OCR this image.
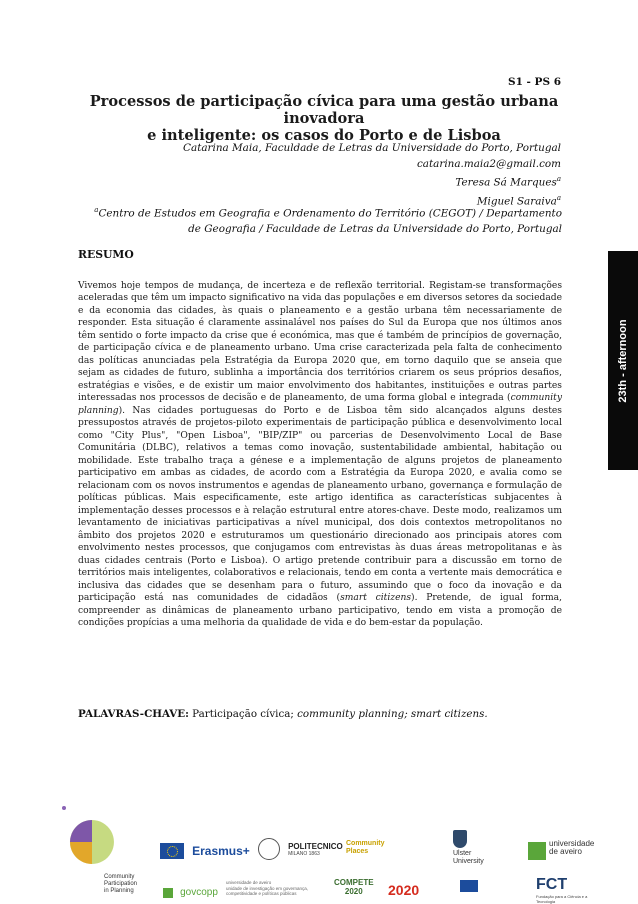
S1 - PS 6
Processos de participação cívica para uma gestão urbana inovadora
e inteligente: os casos do Porto e de Lisboa
Catarina Maia, Faculdade de Letras da Universidade do Porto, Portugal
catarina.maia2@gmail.com
Teresa Sá Marques$^a$
Miguel Saraiva$^a$
$^a$Centro de Estudos em Geografia e Ordenamento do Território (CEGOT) / Departamento
de Geografia / Faculdade de Letras da Universidade do Porto, Portugal
RESUMO
Vivemos hoje tempos de mudança, de incerteza e de reflexão territorial. Registam-se transformações aceleradas que têm um impacto significativo na vida das populações e em diversos setores da sociedade e da economia das cidades, às quais o planeamento e a gestão urbana têm necessariamente de responder. Esta situação é claramente assinalável nos países do Sul da Europa que nos últimos anos têm sentido o forte impacto da crise que é económica, mas que é também de princípios de governação, de participação cívica e de planeamento urbano. Uma crise caracterizada pela falta de conhecimento das políticas anunciadas pela Estratégia da Europa 2020 que, em torno daquilo que se anseia que sejam as cidades de futuro, sublinha a importância dos territórios criarem os seus próprios desafios, estratégias e visões, e de existir um maior envolvimento dos habitantes, instituições e outras partes interessadas nos processos de decisão e de planeamento, de uma forma global e integrada (community planning). Nas cidades portuguesas do Porto e de Lisboa têm sido alcançados alguns destes pressupostos através de projetos-piloto experimentais de participação pública e desenvolvimento local como "City Plus", "Open Lisboa", "BIP/ZIP" ou parcerias de Desenvolvimento Local de Base Comunitária (DLBC), relativos a temas como inovação, sustentabilidade ambiental, habitação ou mobilidade. Este trabalho traça a génese e a implementação de alguns projetos de planeamento participativo em ambas as cidades, de acordo com a Estratégia da Europa 2020, e avalia como se relacionam com os novos instrumentos e agendas de planeamento urbano, governança e formulação de políticas públicas. Mais especificamente, este artigo identifica as características subjacentes à implementação desses processos e à relação estrutural entre atores-chave. Deste modo, realizamos um levantamento de iniciativas participativas a nível municipal, dos dois contextos metropolitanos no âmbito dos projetos 2020 e estruturamos um questionário direcionado aos principais atores com envolvimento nestes processos, que conjugamos com entrevistas às duas áreas metropolitanas e às duas cidades centrais (Porto e Lisboa). O artigo pretende contribuir para a discussão em torno de territórios mais inteligentes, colaborativos e relacionais, tendo em conta a vertente mais democrática e inclusiva das cidades que se desenham para o futuro, assumindo que o foco da inovação e da participação está nas comunidades de cidadãos (smart citizens). Pretende, de igual forma, compreender as dinâmicas de planeamento urbano participativo, tendo em vista a promoção de condições propícias a uma melhoria da qualidade de vida e do bem-estar da população.
PALAVRAS-CHAVE: Participação cívica; community planning; smart citizens.
23th - afternoon
Community
Participation
in Planning
Erasmus+
	POLITECNICO
MILANO 1863
Community
Places	Ulster
University
universidade
de aveiro
govcopp
universidade de aveiro
unidade de investigação em governança,
competitividade e políticas públicas
COMPETE
2020	2020	FCT
Fundação para a Ciência e a Tecnologia
